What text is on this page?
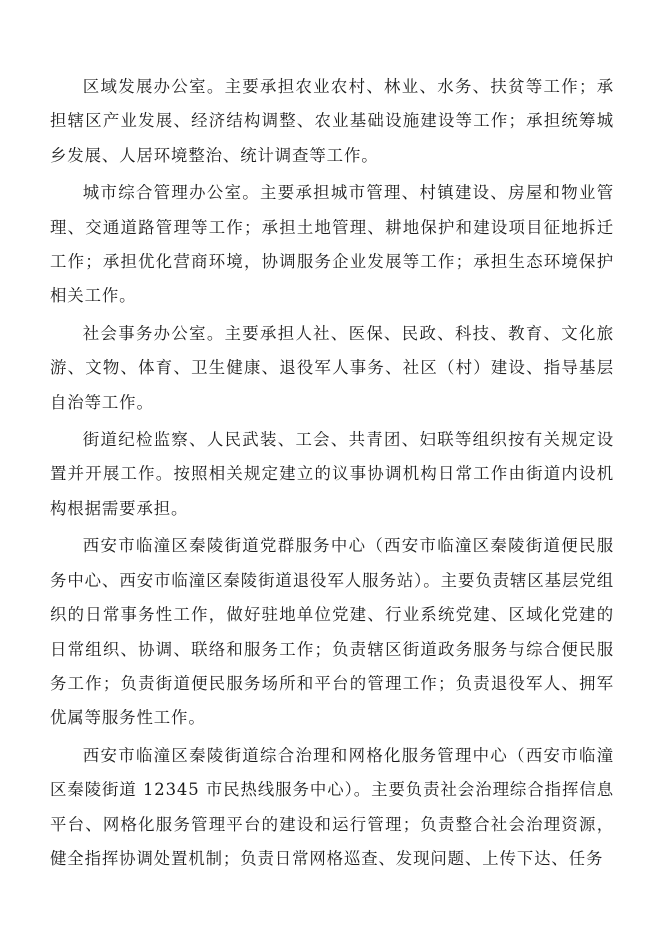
区域发展办公室。主要承担农业农村、林业、水务、扶贫等工作；承担辖区产业发展、经济结构调整、农业基础设施建设等工作；承担统筹城乡发展、人居环境整治、统计调查等工作。

城市综合管理办公室。主要承担城市管理、村镇建设、房屋和物业管理、交通道路管理等工作；承担土地管理、耕地保护和建设项目征地拆迁工作；承担优化营商环境，协调服务企业发展等工作；承担生态环境保护相关工作。

社会事务办公室。主要承担人社、医保、民政、科技、教育、文化旅游、文物、体育、卫生健康、退役军人事务、社区（村）建设、指导基层自治等工作。

街道纪检监察、人民武装、工会、共青团、妇联等组织按有关规定设置并开展工作。按照相关规定建立的议事协调机构日常工作由街道内设机构根据需要承担。

西安市临潼区秦陵街道党群服务中心（西安市临潼区秦陵街道便民服务中心、西安市临潼区秦陵街道退役军人服务站）。主要负责辖区基层党组织的日常事务性工作，做好驻地单位党建、行业系统党建、区域化党建的日常组织、协调、联络和服务工作；负责辖区街道政务服务与综合便民服务工作；负责街道便民服务场所和平台的管理工作；负责退役军人、拥军优属等服务性工作。

西安市临潼区秦陵街道综合治理和网格化服务管理中心（西安市临潼区秦陵街道 12345 市民热线服务中心）。主要负责社会治理综合指挥信息平台、网格化服务管理平台的建设和运行管理；负责整合社会治理资源，健全指挥协调处置机制；负责日常网格巡查、发现问题、上传下达、任务
